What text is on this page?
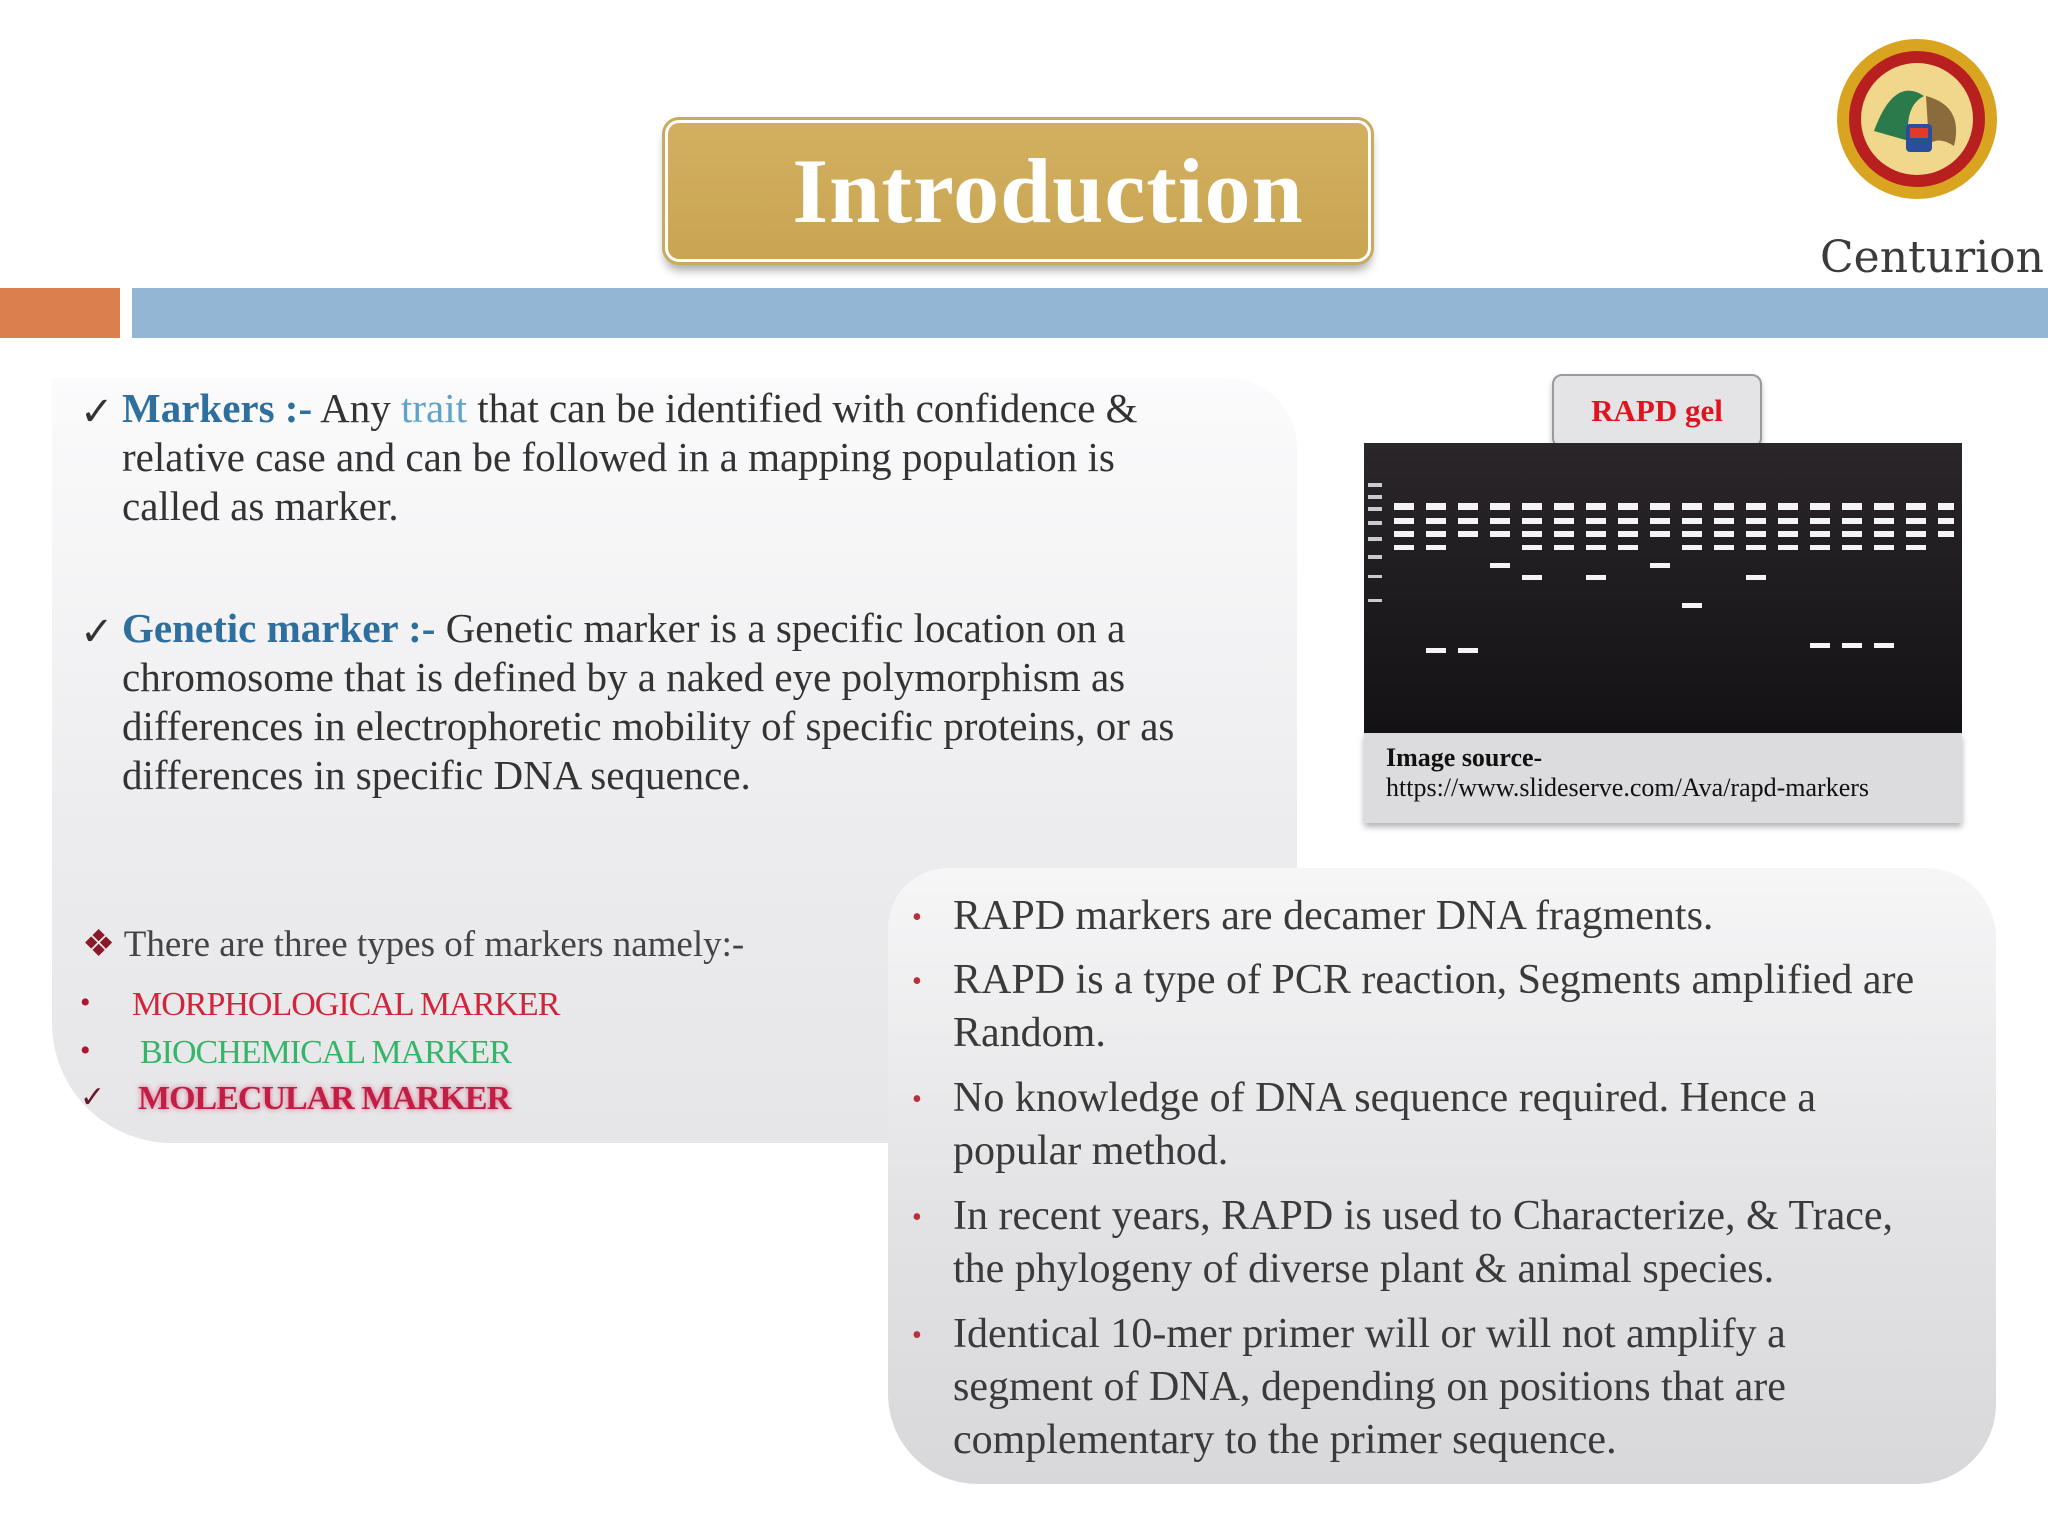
Introduction
Centurion
✓ Markers :- Any trait that can be identified with confidence &
relative case and can be followed in a mapping population is
called as marker.
✓ Genetic marker :- Genetic marker is a specific location on a
chromosome that is defined by a naked eye polymorphism as
differences in electrophoretic mobility of specific proteins, or as
differences in specific DNA sequence.
❖ There are three types of markers namely:-
• MORPHOLOGICAL MARKER
• BIOCHEMICAL MARKER
✓ MOLECULAR MARKER
RAPD gel
Image source-
https://www.slideserve.com/Ava/rapd-markers
• RAPD markers are decamer DNA fragments.
• RAPD is a type of PCR reaction, Segments amplified are
Random.
• No knowledge of DNA sequence required. Hence a
popular method.
• In recent years, RAPD is used to Characterize, & Trace,
the phylogeny of diverse plant & animal species.
• Identical 10-mer primer will or will not amplify a
segment of DNA, depending on positions that are
complementary to the primer sequence.
